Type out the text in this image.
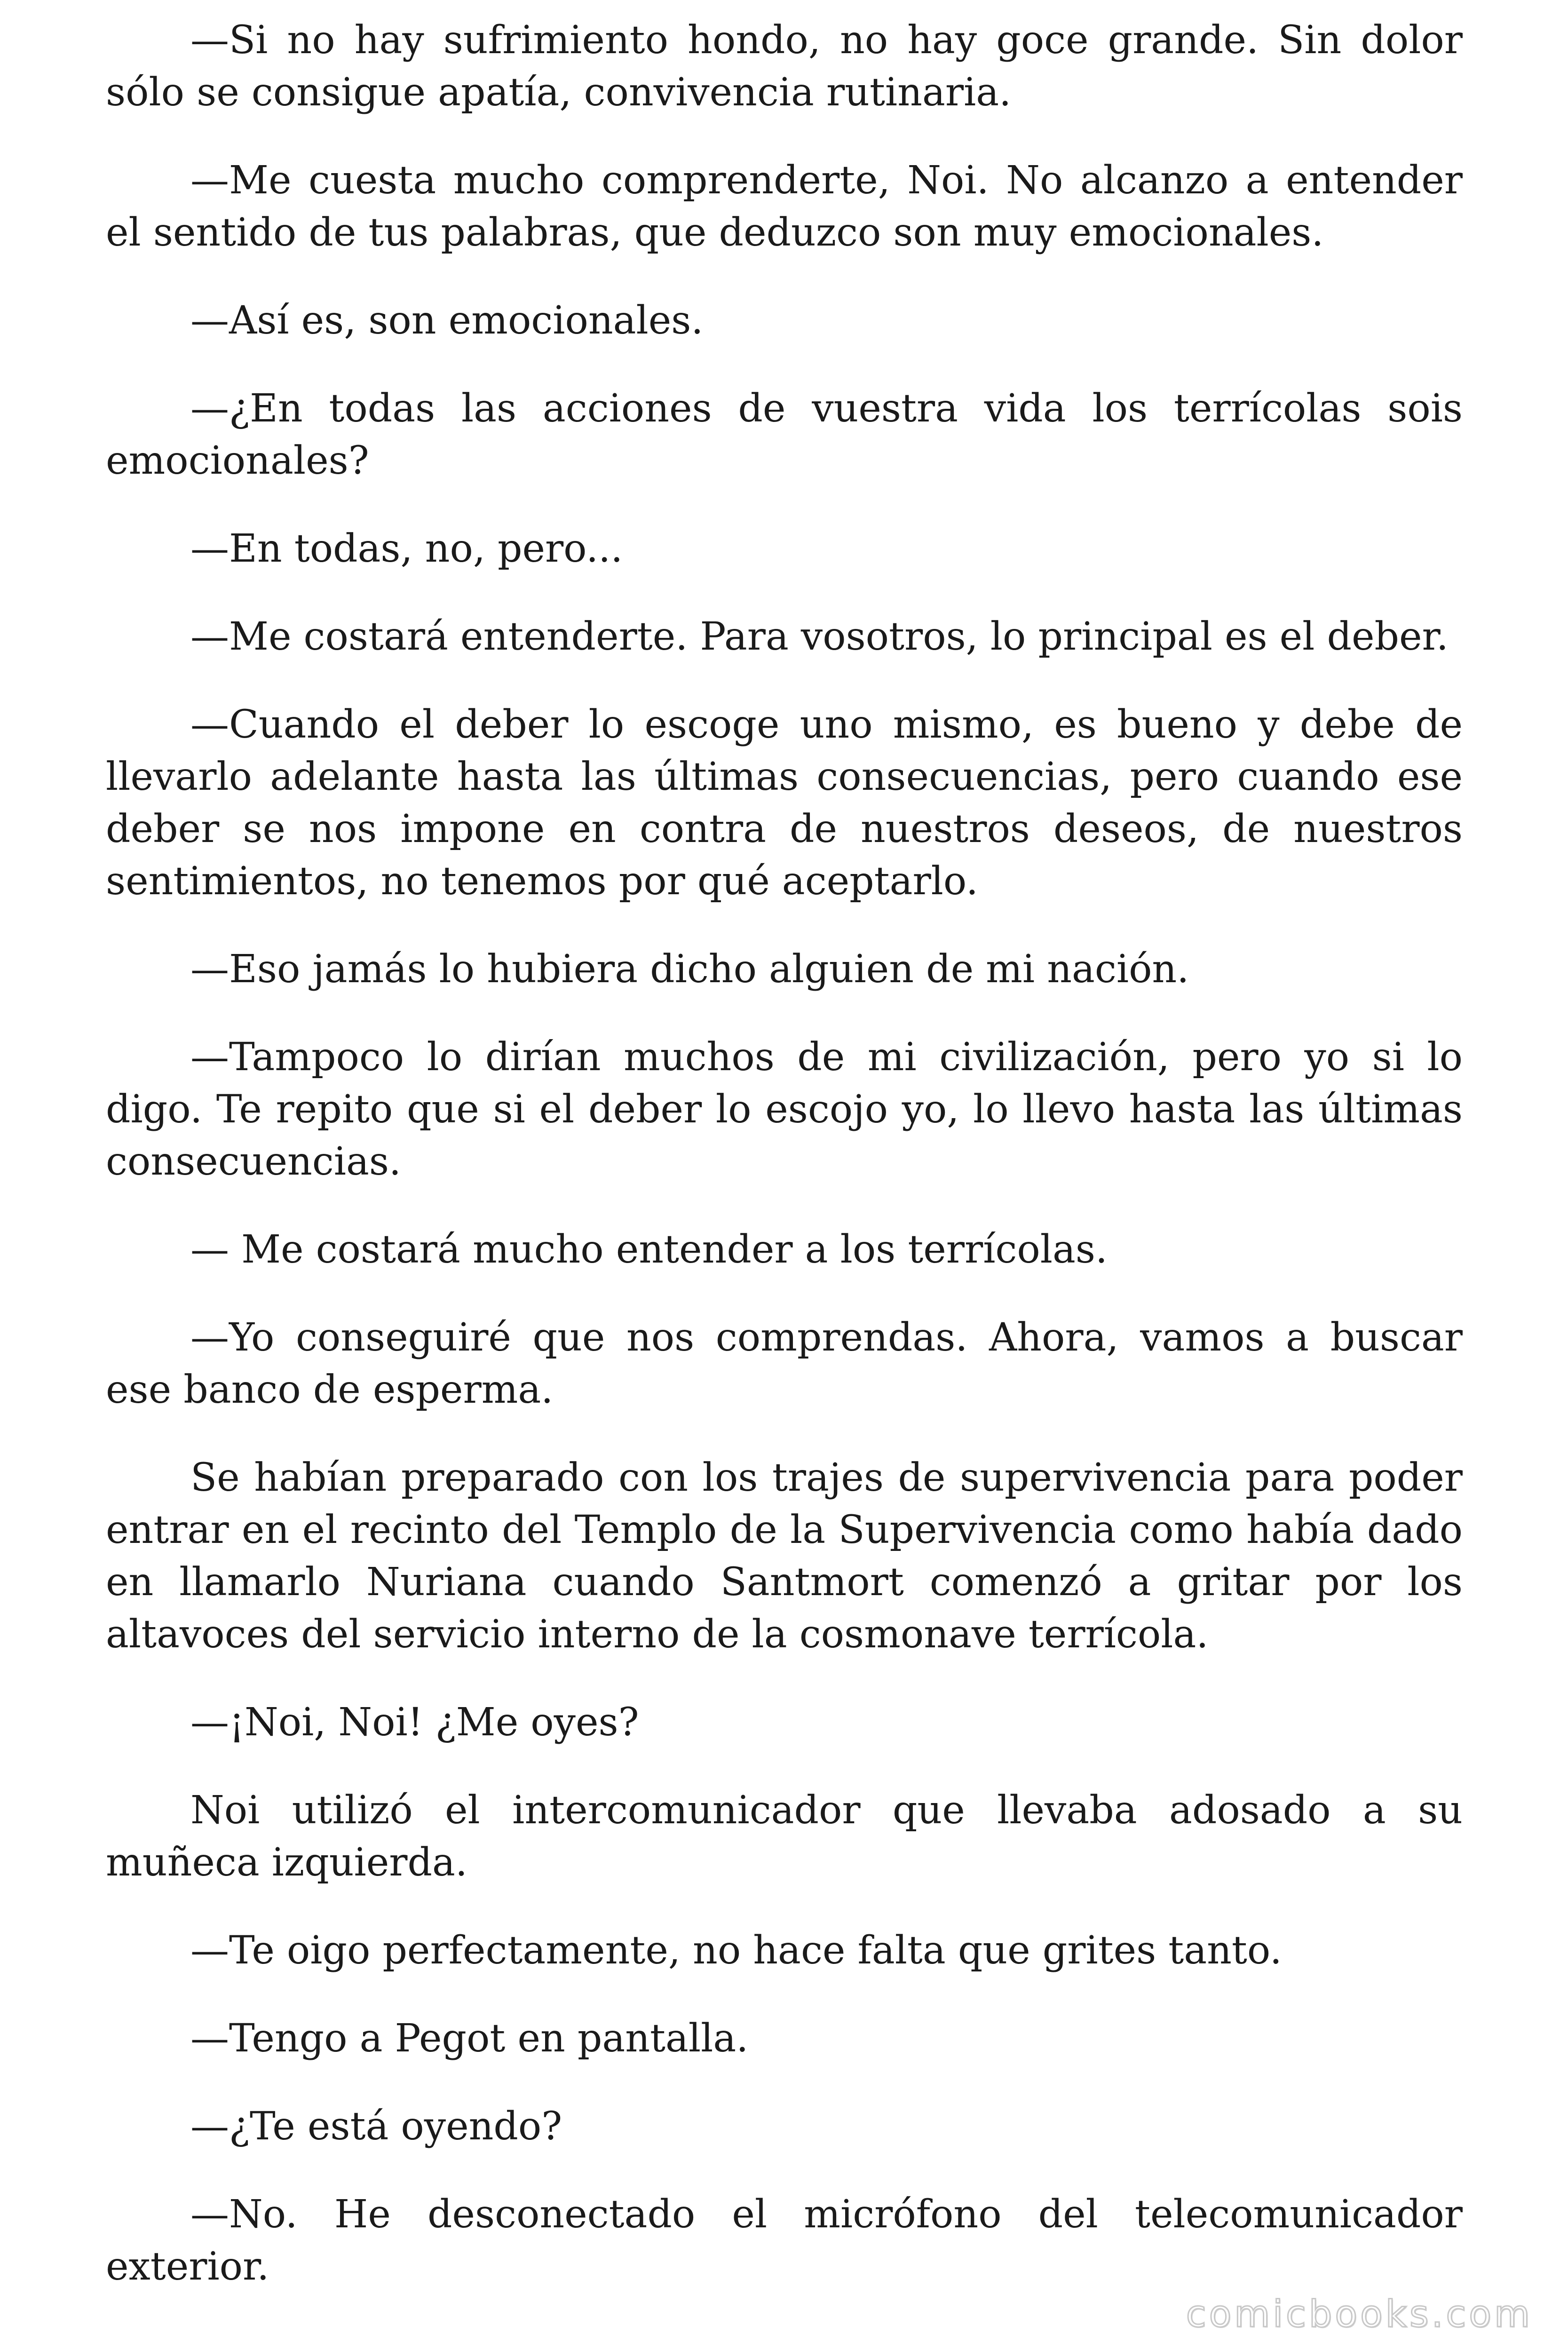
—Si no hay sufrimiento hondo, no hay goce grande. Sin dolor sólo se consigue apatía, convivencia rutinaria.

—Me cuesta mucho comprenderte, Noi. No alcanzo a entender el sentido de tus palabras, que deduzco son muy emocionales.

—Así es, son emocionales.

—¿En todas las acciones de vuestra vida los terrícolas sois emocionales?

—En todas, no, pero...

—Me costará entenderte. Para vosotros, lo principal es el deber.

—Cuando el deber lo escoge uno mismo, es bueno y debe de llevarlo adelante hasta las últimas consecuencias, pero cuando ese deber se nos impone en contra de nuestros deseos, de nuestros sentimientos, no tenemos por qué aceptarlo.

—Eso jamás lo hubiera dicho alguien de mi nación.

—Tampoco lo dirían muchos de mi civilización, pero yo si lo digo. Te repito que si el deber lo escojo yo, lo llevo hasta las últimas consecuencias.

— Me costará mucho entender a los terrícolas.

—Yo conseguiré que nos comprendas. Ahora, vamos a buscar ese banco de esperma.

Se habían preparado con los trajes de supervivencia para poder entrar en el recinto del Templo de la Supervivencia como había dado en llamarlo Nuriana cuando Santmort comenzó a gritar por los altavoces del servicio interno de la cosmonave terrícola.

—¡Noi, Noi! ¿Me oyes?

Noi utilizó el intercomunicador que llevaba adosado a su muñeca izquierda.

—Te oigo perfectamente, no hace falta que grites tanto.

—Tengo a Pegot en pantalla.

—¿Te está oyendo?

—No. He desconectado el micrófono del telecomunicador exterior.

comicbooks.com
